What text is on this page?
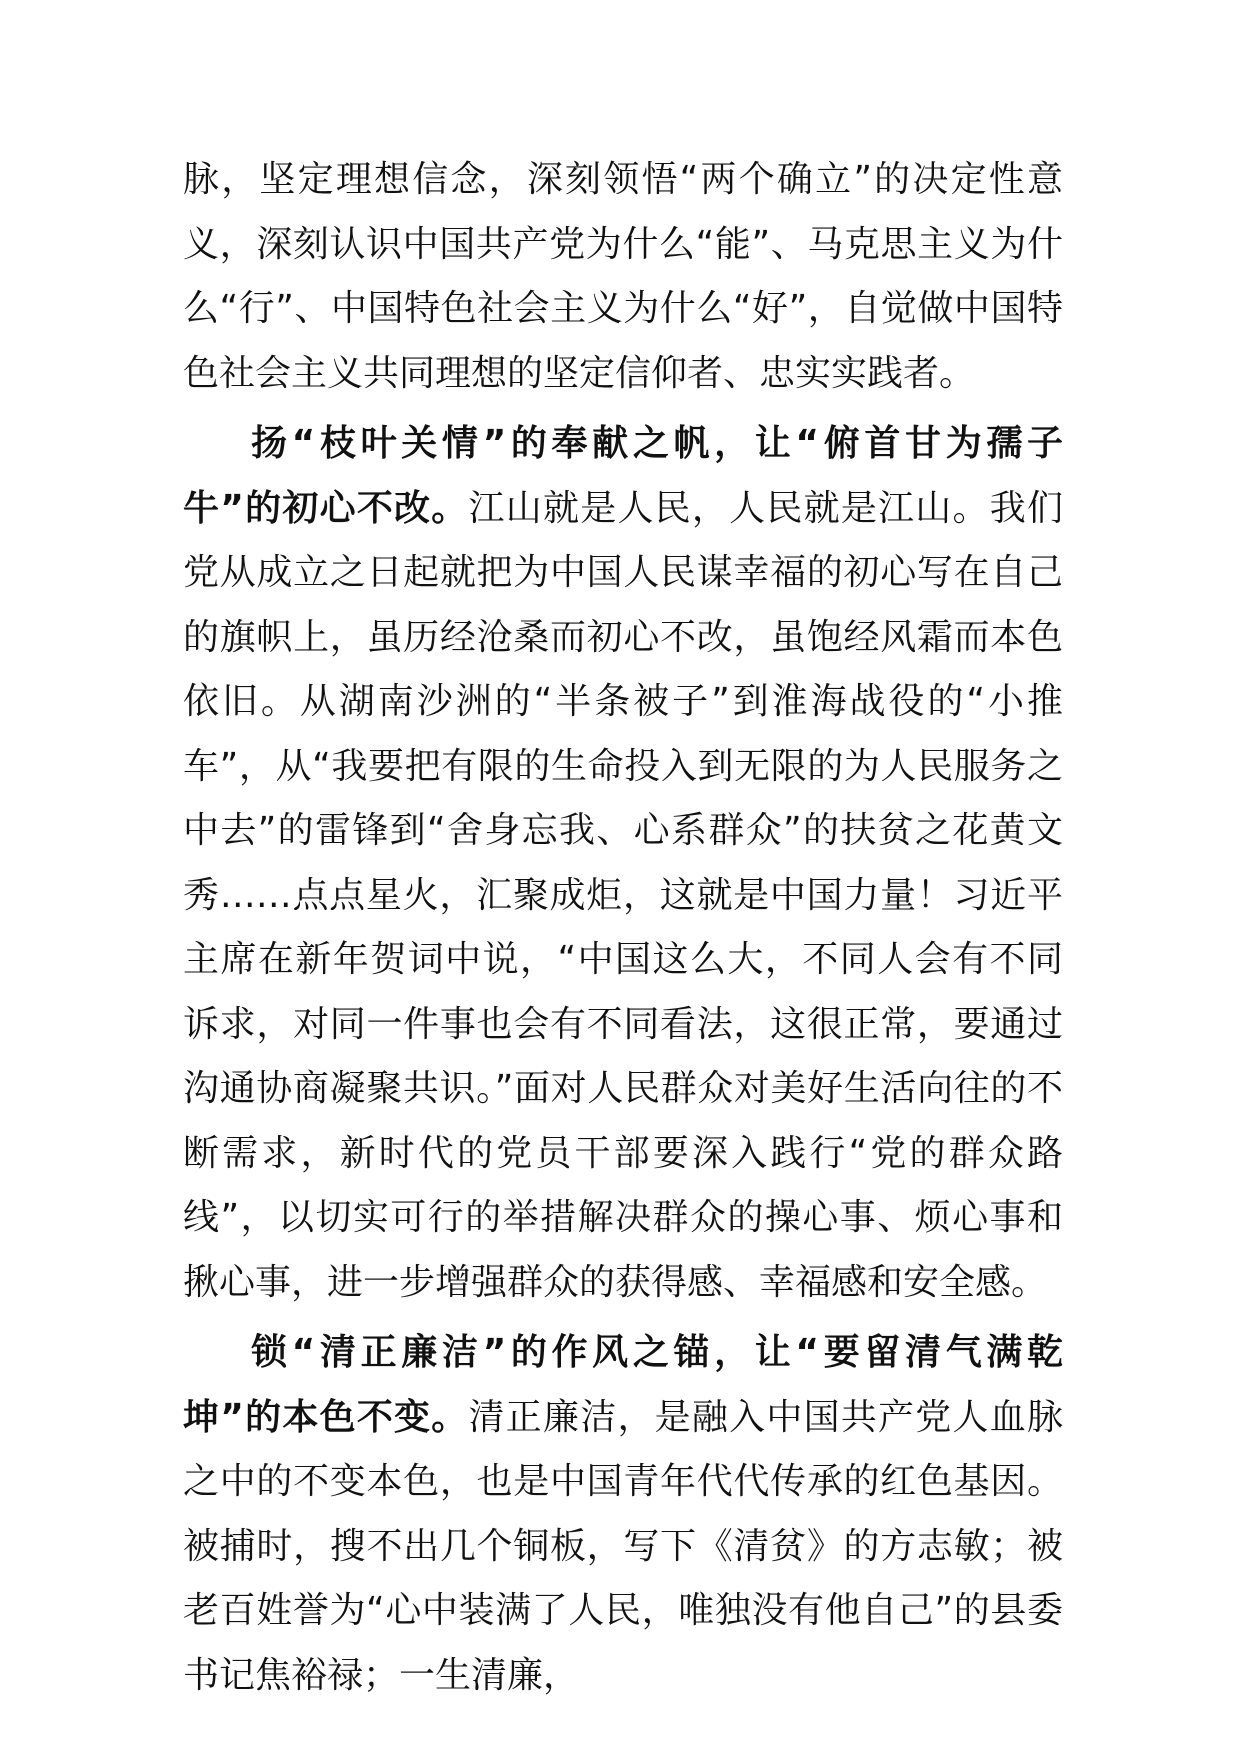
脉，坚定理想信念，深刻领悟“两个确立”的决定性意义，深刻认识中国共产党为什么“能”、马克思主义为什么“行”、中国特色社会主义为什么“好”，自觉做中国特色社会主义共同理想的坚定信仰者、忠实实践者。

扬“枝叶关情”的奉献之帆，让“俯首甘为孺子牛”的初心不改。江山就是人民，人民就是江山。我们党从成立之日起就把为中国人民谋幸福的初心写在自己的旗帜上，虽历经沧桑而初心不改，虽饱经风霜而本色依旧。从湖南沙洲的“半条被子”到淮海战役的“小推车”，从“我要把有限的生命投入到无限的为人民服务之中去”的雷锋到“舍身忘我、心系群众”的扶贫之花黄文秀……点点星火，汇聚成炬，这就是中国力量！习近平主席在新年贺词中说，“中国这么大，不同人会有不同诉求，对同一件事也会有不同看法，这很正常，要通过沟通协商凝聚共识。”面对人民群众对美好生活向往的不断需求，新时代的党员干部要深入践行“党的群众路线”，以切实可行的举措解决群众的操心事、烦心事和揪心事，进一步增强群众的获得感、幸福感和安全感。

锁“清正廉洁”的作风之锚，让“要留清气满乾坤”的本色不变。清正廉洁，是融入中国共产党人血脉之中的不变本色，也是中国青年代代传承的红色基因。被捕时，搜不出几个铜板，写下《清贫》的方志敏；被老百姓誉为“心中装满了人民，唯独没有他自己”的县委书记焦裕禄；一生清廉，
